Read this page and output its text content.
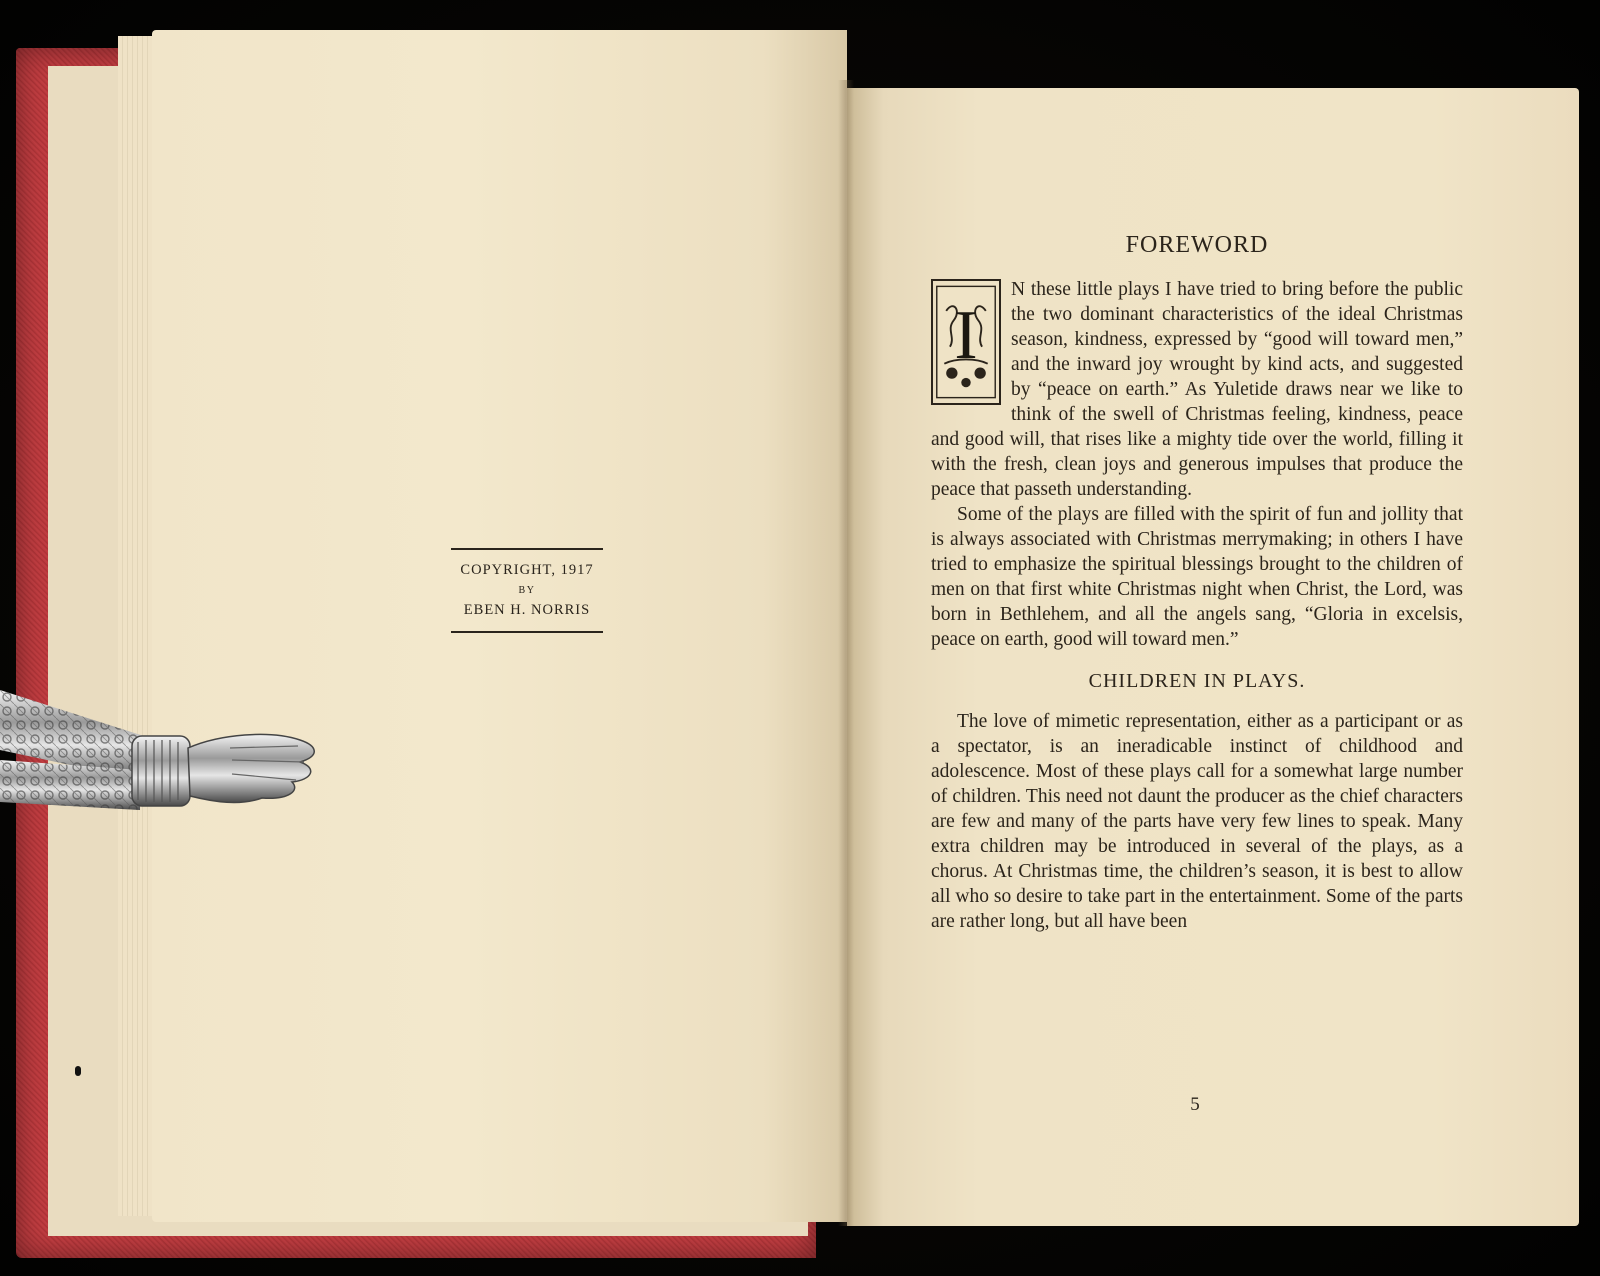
COPYRIGHT, 1917
BY
EBEN H. NORRIS
FOREWORD
I

N these little plays I have tried to bring before the public the two dominant characteristics of the ideal Christmas season, kindness, expressed by “good will toward men,” and the inward joy wrought by kind acts, and suggested by “peace on earth.” As Yuletide draws near we like to think of the swell of Christmas feeling, kindness, peace and good will, that rises like a mighty tide over the world, filling it with the fresh, clean joys and generous impulses that produce the peace that passeth understanding.

Some of the plays are filled with the spirit of fun and jollity that is always associated with Christmas merrymaking; in others I have tried to emphasize the spiritual blessings brought to the children of men on that first white Christmas night when Christ, the Lord, was born in Bethlehem, and all the angels sang, “Gloria in excelsis, peace on earth, good will toward men.”

CHILDREN IN PLAYS.

The love of mimetic representation, either as a participant or as a spectator, is an ineradicable instinct of childhood and adolescence. Most of these plays call for a somewhat large number of children. This need not daunt the producer as the chief characters are few and many of the parts have very few lines to speak. Many extra children may be introduced in several of the plays, as a chorus. At Christmas time, the children’s season, it is best to allow all who so desire to take part in the entertainment. Some of the parts are rather long, but all have been

5
